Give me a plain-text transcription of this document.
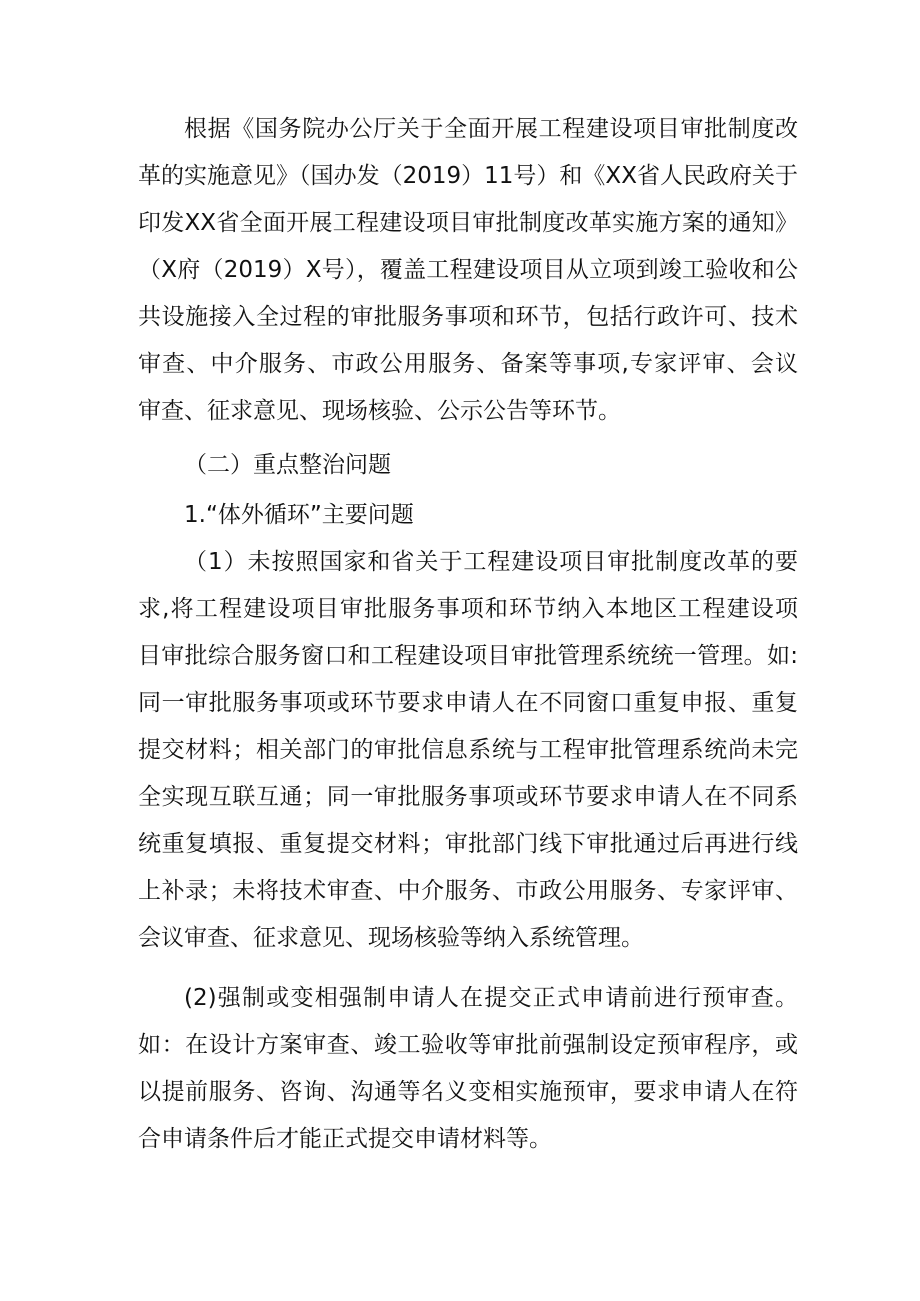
根据《国务院办公厅关于全面开展工程建设项目审批制度改
革的实施意见》（国办发（2019）11号）和《XX省人民政府关于
印发XX省全面开展工程建设项目审批制度改革实施方案的通知》
（X府（2019）X号），覆盖工程建设项目从立项到竣工验收和公
共设施接入全过程的审批服务事项和环节，包括行政许可、技术
审查、中介服务、市政公用服务、备案等事项,专家评审、会议
审查、征求意见、现场核验、公示公告等环节。
（二）重点整治问题
1.“体外循环”主要问题
（1）未按照国家和省关于工程建设项目审批制度改革的要
求,将工程建设项目审批服务事项和环节纳入本地区工程建设项
目审批综合服务窗口和工程建设项目审批管理系统统一管理。如:
同一审批服务事项或环节要求申请人在不同窗口重复申报、重复
提交材料；相关部门的审批信息系统与工程审批管理系统尚未完
全实现互联互通；同一审批服务事项或环节要求申请人在不同系
统重复填报、重复提交材料；审批部门线下审批通过后再进行线
上补录；未将技术审查、中介服务、市政公用服务、专家评审、
会议审查、征求意见、现场核验等纳入系统管理。
(2)强制或变相强制申请人在提交正式申请前进行预审查。
如：在设计方案审查、竣工验收等审批前强制设定预审程序，或
以提前服务、咨询、沟通等名义变相实施预审，要求申请人在符
合申请条件后才能正式提交申请材料等。
